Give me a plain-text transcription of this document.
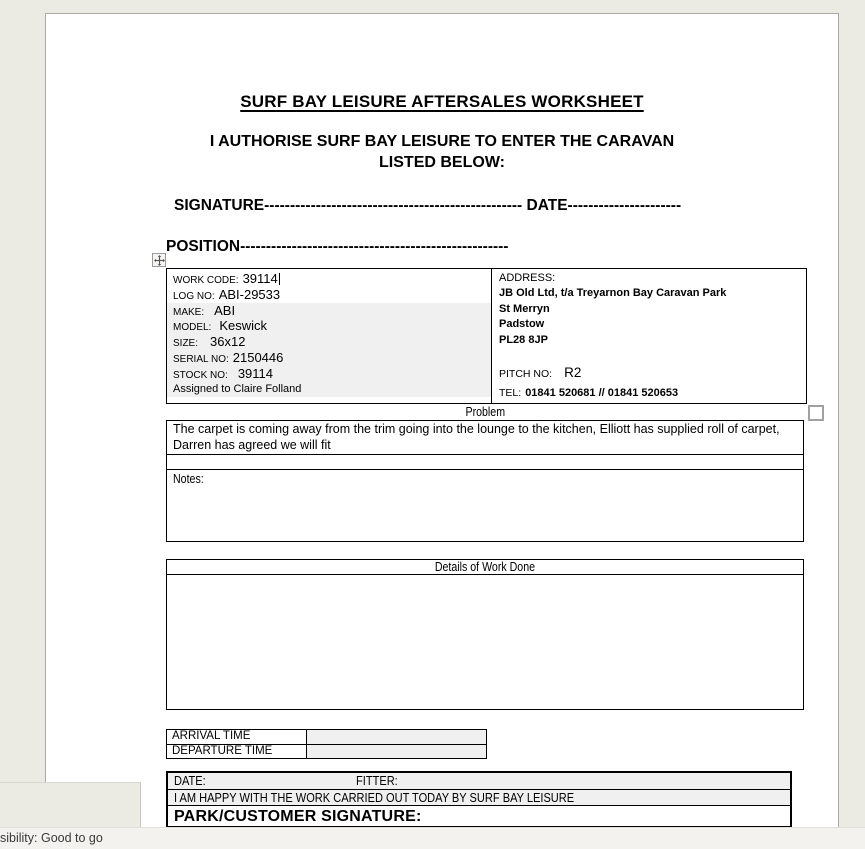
SURF BAY LEISURE AFTERSALES WORKSHEET
I AUTHORISE SURF BAY LEISURE TO ENTER THE CARAVAN
LISTED BELOW:
SIGNATURE-------------------------------------------------- DATE----------------------
POSITION----------------------------------------------------
WORK CODE: 39114
LOG NO: ABI-29533
MAKE: ABI
MODEL: Keswick
SIZE: 36x12
SERIAL NO: 2150446
STOCK NO: 39114
Assigned to Claire Folland
ADDRESS:
JB Old Ltd, t/a Treyarnon Bay Caravan Park
St Merryn
Padstow
PL28 8JP
PITCH NO: R2
TEL: 01841 520681 // 01841 520653
Problem
The carpet is coming away from the trim going into the lounge to the kitchen, Elliott has supplied roll of carpet, Darren has agreed we will fit
Notes:
Details of Work Done
ARRIVAL TIME
DEPARTURE TIME
DATE:	FITTER:
I AM HAPPY WITH THE WORK CARRIED OUT TODAY BY SURF BAY LEISURE
PARK/CUSTOMER SIGNATURE:
sibility: Good to go
